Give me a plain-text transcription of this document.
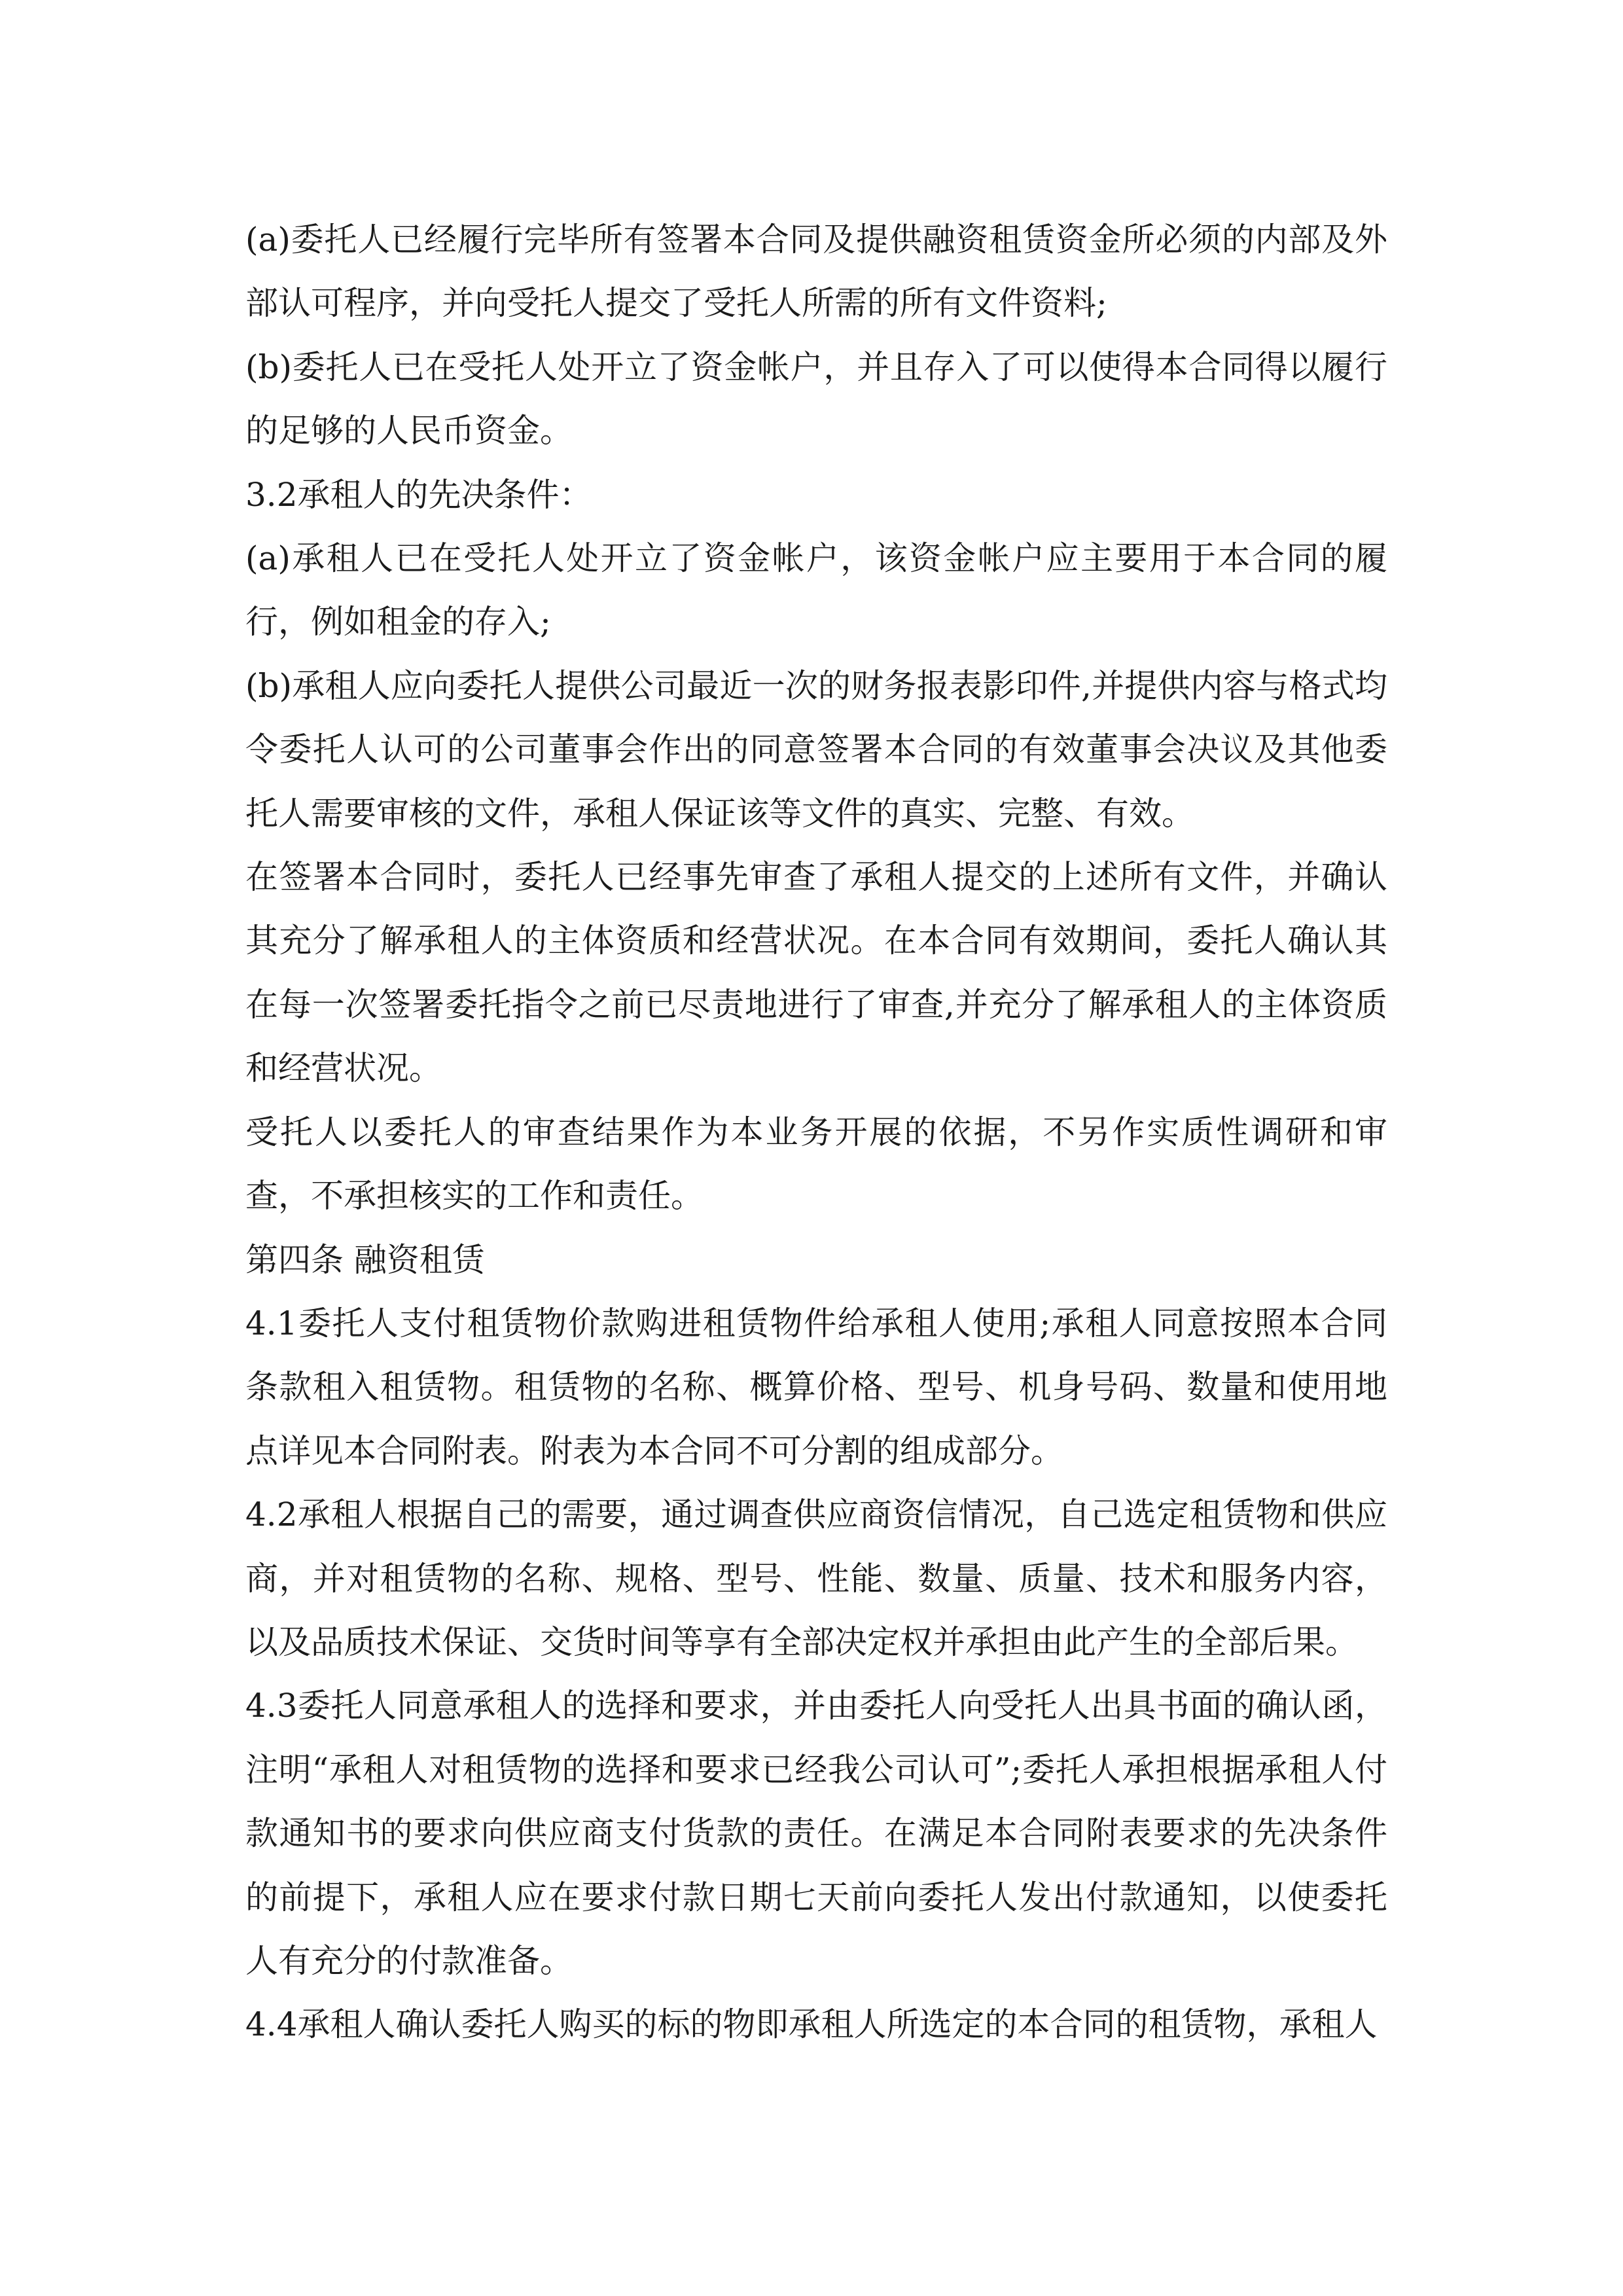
(a)委托人已经履行完毕所有签署本合同及提供融资租赁资金所必须的内部及外部认可程序，并向受托人提交了受托人所需的所有文件资料;

(b)委托人已在受托人处开立了资金帐户，并且存入了可以使得本合同得以履行的足够的人民币资金。

3.2承租人的先决条件：

(a)承租人已在受托人处开立了资金帐户，该资金帐户应主要用于本合同的履行，例如租金的存入;

(b)承租人应向委托人提供公司最近一次的财务报表影印件,并提供内容与格式均令委托人认可的公司董事会作出的同意签署本合同的有效董事会决议及其他委托人需要审核的文件，承租人保证该等文件的真实、完整、有效。

在签署本合同时，委托人已经事先审查了承租人提交的上述所有文件，并确认其充分了解承租人的主体资质和经营状况。在本合同有效期间，委托人确认其在每一次签署委托指令之前已尽责地进行了审查,并充分了解承租人的主体资质和经营状况。

受托人以委托人的审查结果作为本业务开展的依据，不另作实质性调研和审查，不承担核实的工作和责任。

第四条 融资租赁

4.1委托人支付租赁物价款购进租赁物件给承租人使用;承租人同意按照本合同条款租入租赁物。租赁物的名称、概算价格、型号、机身号码、数量和使用地点详见本合同附表。附表为本合同不可分割的组成部分。

4.2承租人根据自己的需要，通过调查供应商资信情况，自己选定租赁物和供应商，并对租赁物的名称、规格、型号、性能、数量、质量、技术和服务内容，以及品质技术保证、交货时间等享有全部决定权并承担由此产生的全部后果。

4.3委托人同意承租人的选择和要求，并由委托人向受托人出具书面的确认函，注明“承租人对租赁物的选择和要求已经我公司认可”;委托人承担根据承租人付款通知书的要求向供应商支付货款的责任。在满足本合同附表要求的先决条件的前提下，承租人应在要求付款日期七天前向委托人发出付款通知，以使委托人有充分的付款准备。

4.4承租人确认委托人购买的标的物即承租人所选定的本合同的租赁物，承租人
